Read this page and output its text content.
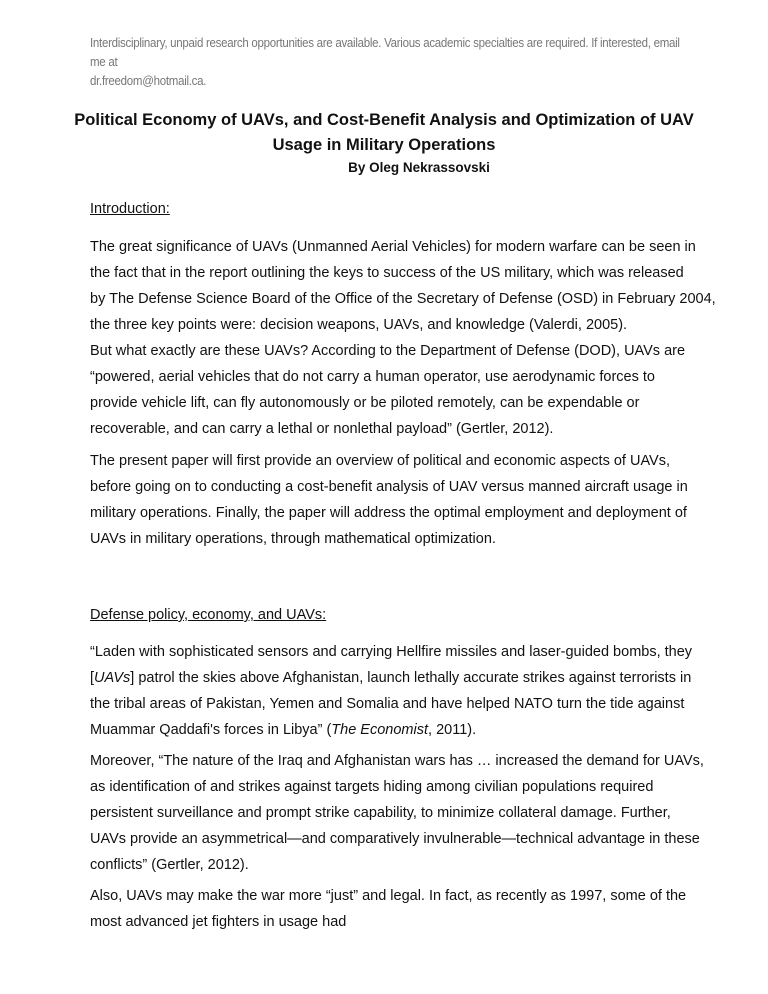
Interdisciplinary, unpaid research opportunities are available. Various academic specialties are required. If interested, email me at
dr.freedom@hotmail.ca.
Political Economy of UAVs, and Cost-Benefit Analysis and Optimization of UAV
Usage in Military Operations
By Oleg Nekrassovski
Introduction:
The great significance of UAVs (Unmanned Aerial Vehicles) for modern warfare can be seen in
the fact that in the report outlining the keys to success of the US military, which was released
by The Defense Science Board of the Office of the Secretary of Defense (OSD) in February 2004,
the three key points were: decision weapons, UAVs, and knowledge (Valerdi, 2005).
But what exactly are these UAVs? According to the Department of Defense (DOD), UAVs are
“powered, aerial vehicles that do not carry a human operator, use aerodynamic forces to
provide vehicle lift, can fly autonomously or be piloted remotely, can be expendable or
recoverable, and can carry a lethal or nonlethal payload” (Gertler, 2012).
The present paper will first provide an overview of political and economic aspects of UAVs,
before going on to conducting a cost-benefit analysis of UAV versus manned aircraft usage in
military operations. Finally, the paper will address the optimal employment and deployment of
UAVs in military operations, through mathematical optimization.
Defense policy, economy, and UAVs:
“Laden with sophisticated sensors and carrying Hellfire missiles and laser-guided bombs, they
[UAVs] patrol the skies above Afghanistan, launch lethally accurate strikes against terrorists in
the tribal areas of Pakistan, Yemen and Somalia and have helped NATO turn the tide against
Muammar Qaddafi's forces in Libya” (The Economist, 2011).
Moreover, “The nature of the Iraq and Afghanistan wars has … increased the demand for UAVs,
as identification of and strikes against targets hiding among civilian populations required
persistent surveillance and prompt strike capability, to minimize collateral damage. Further,
UAVs provide an asymmetrical—and comparatively invulnerable—technical advantage in these
conflicts” (Gertler, 2012).
Also, UAVs may make the war more “just” and legal. In fact, as recently as 1997, some of the
most advanced jet fighters in usage had
